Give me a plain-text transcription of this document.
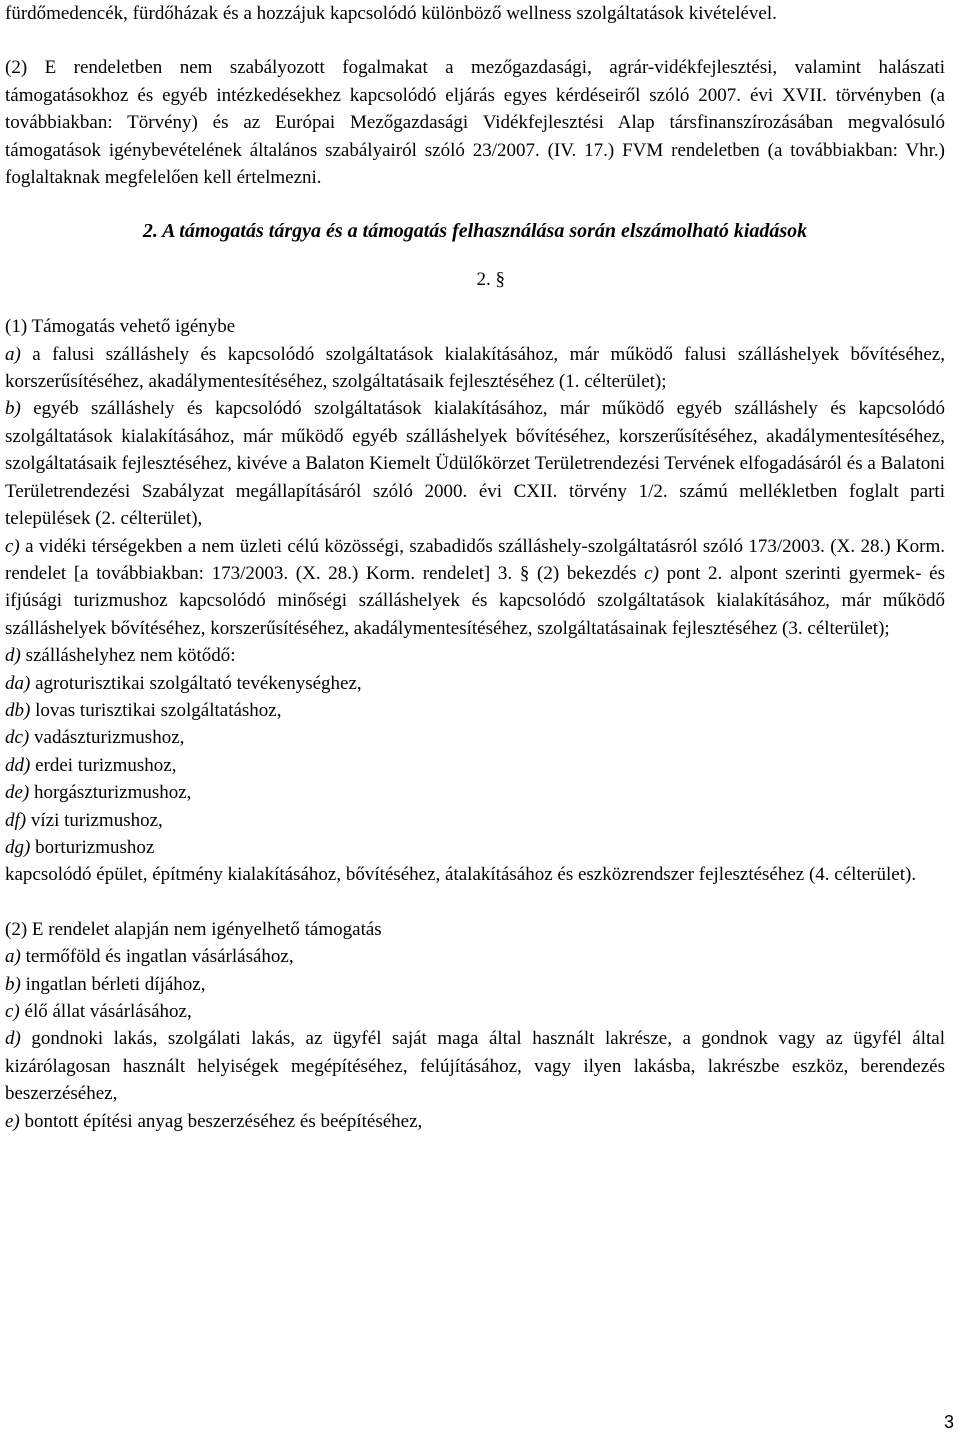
fürdőmedencék, fürdőházak és a hozzájuk kapcsolódó különböző wellness szolgáltatások kivételével.

(2) E rendeletben nem szabályozott fogalmakat a mezőgazdasági, agrár-vidékfejlesztési, valamint halászati támogatásokhoz és egyéb intézkedésekhez kapcsolódó eljárás egyes kérdéseiről szóló 2007. évi XVII. törvényben (a továbbiakban: Törvény) és az Európai Mezőgazdasági Vidékfejlesztési Alap társfinanszírozásában megvalósuló támogatások igénybevételének általános szabályairól szóló 23/2007. (IV. 17.) FVM rendeletben (a továbbiakban: Vhr.) foglaltaknak megfelelően kell értelmezni.

2. A támogatás tárgya és a támogatás felhasználása során elszámolható kiadások

2. §

(1) Támogatás vehető igénybe

a) a falusi szálláshely és kapcsolódó szolgáltatások kialakításához, már működő falusi szálláshelyek bővítéséhez, korszerűsítéséhez, akadálymentesítéséhez, szolgáltatásaik fejlesztéséhez (1. célterület);

b) egyéb szálláshely és kapcsolódó szolgáltatások kialakításához, már működő egyéb szálláshely és kapcsolódó szolgáltatások kialakításához, már működő egyéb szálláshelyek bővítéséhez, korszerűsítéséhez, akadálymentesítéséhez, szolgáltatásaik fejlesztéséhez, kivéve a Balaton Kiemelt Üdülőkörzet Területrendezési Tervének elfogadásáról és a Balatoni Területrendezési Szabályzat megállapításáról szóló 2000. évi CXII. törvény 1/2. számú mellékletben foglalt parti települések (2. célterület),

c) a vidéki térségekben a nem üzleti célú közösségi, szabadidős szálláshely-szolgáltatásról szóló 173/2003. (X. 28.) Korm. rendelet [a továbbiakban: 173/2003. (X. 28.) Korm. rendelet] 3. § (2) bekezdés c) pont 2. alpont szerinti gyermek- és ifjúsági turizmushoz kapcsolódó minőségi szálláshelyek és kapcsolódó szolgáltatások kialakításához, már működő szálláshelyek bővítéséhez, korszerűsítéséhez, akadálymentesítéséhez, szolgáltatásainak fejlesztéséhez (3. célterület);

d) szálláshelyhez nem kötődő:

da) agroturisztikai szolgáltató tevékenységhez,

db) lovas turisztikai szolgáltatáshoz,

dc) vadászturizmushoz,

dd) erdei turizmushoz,

de) horgászturizmushoz,

df) vízi turizmushoz,

dg) borturizmushoz

kapcsolódó épület, építmény kialakításához, bővítéséhez, átalakításához és eszközrendszer fejlesztéséhez (4. célterület).

(2) E rendelet alapján nem igényelhető támogatás

a) termőföld és ingatlan vásárlásához,

b) ingatlan bérleti díjához,

c) élő állat vásárlásához,

d) gondnoki lakás, szolgálati lakás, az ügyfél saját maga által használt lakrésze, a gondnok vagy az ügyfél által kizárólagosan használt helyiségek megépítéséhez, felújításához, vagy ilyen lakásba, lakrészbe eszköz, berendezés beszerzéséhez,

e) bontott építési anyag beszerzéséhez és beépítéséhez,

3
